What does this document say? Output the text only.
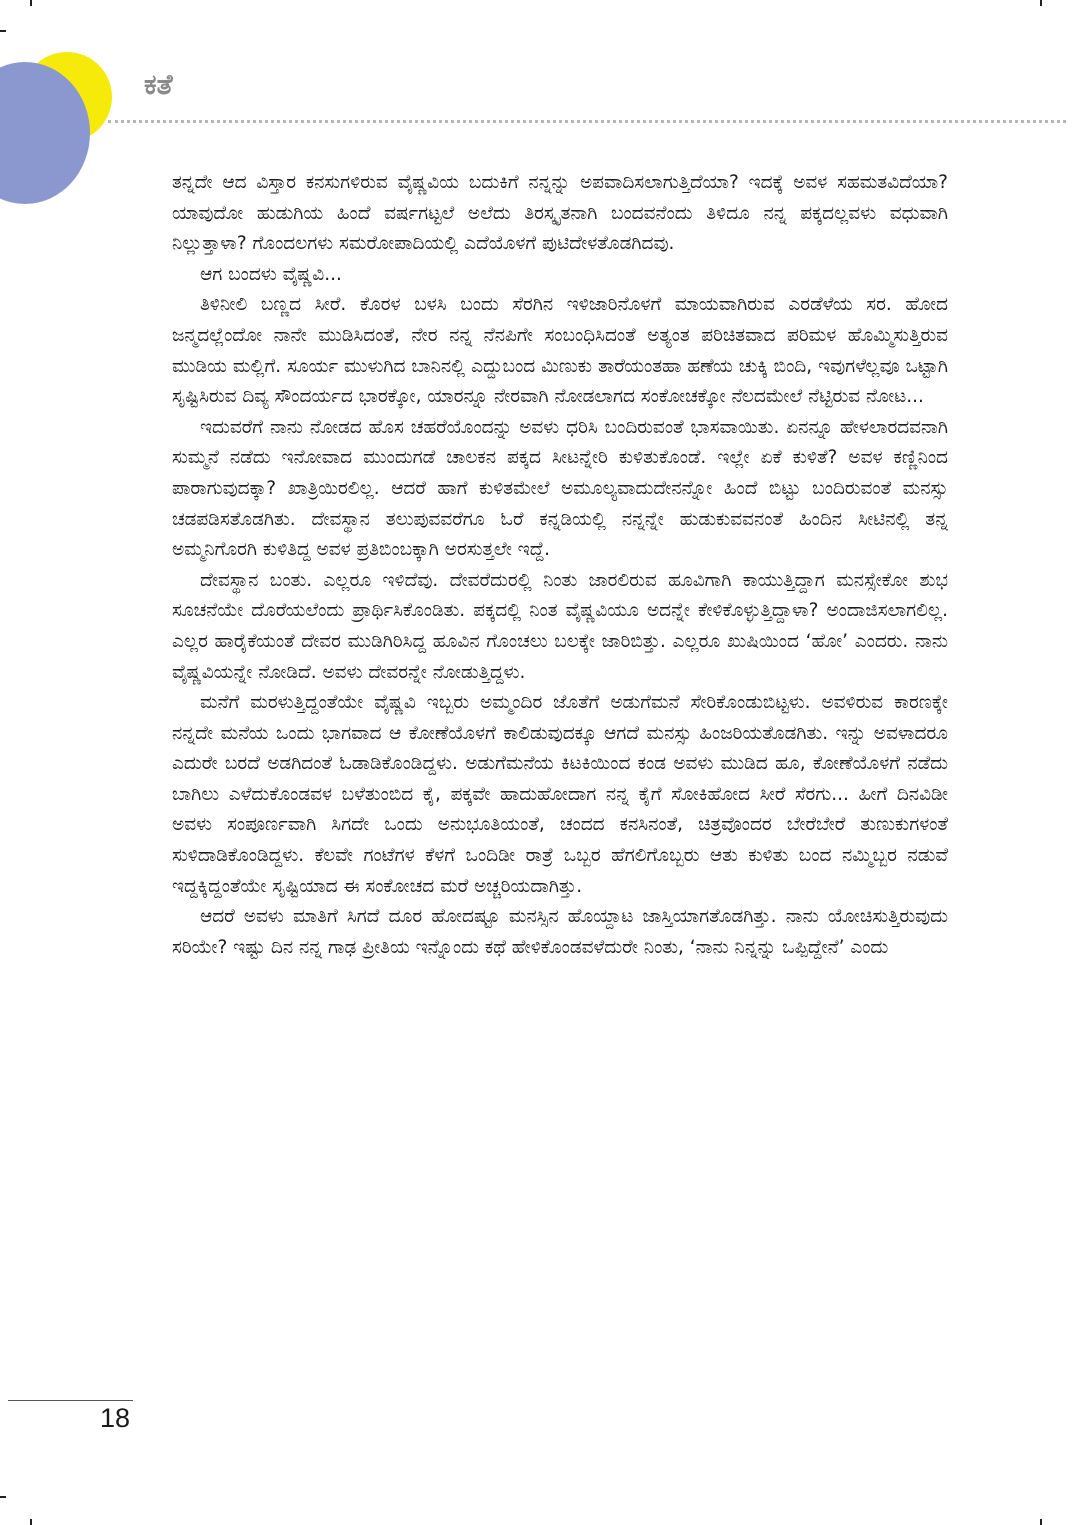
ಕತೆ

ತನ್ನದೇ ಆದ ವಿಸ್ತಾರ ಕನಸುಗಳಿರುವ ವೈಷ್ಣವಿಯ ಬದುಕಿಗೆ ನನ್ನನ್ನು ಅಪವಾದಿಸಲಾಗುತ್ತಿದೆಯಾ? ಇದಕ್ಕೆ ಅವಳ ಸಹಮತವಿದೆಯಾ? ಯಾವುದೋ ಹುಡುಗಿಯ ಹಿಂದೆ ವರ್ಷಗಟ್ಟಲೆ ಅಲೆದು ತಿರಸ್ಕೃತನಾಗಿ ಬಂದವನೆಂದು ತಿಳಿದೂ ನನ್ನ ಪಕ್ಕದಲ್ಲವಳು ವಧುವಾಗಿ ನಿಲ್ಲುತ್ತಾಳಾ? ಗೊಂದಲಗಳು ಸಮರೋಪಾದಿಯಲ್ಲಿ ಎದೆಯೊಳಗೆ ಪುಟಿದೇಳತೊಡಗಿದವು.

ಆಗ ಬಂದಳು ವೈಷ್ಣವಿ...

ತಿಳಿನೀಲಿ ಬಣ್ಣದ ಸೀರೆ. ಕೊರಳ ಬಳಸಿ ಬಂದು ಸೆರಗಿನ ಇಳಿಜಾರಿನೊಳಗೆ ಮಾಯವಾಗಿರುವ ಎರಡೆಳೆಯ ಸರ. ಹೋದ ಜನ್ಮದಲ್ಲೆಂದೋ ನಾನೇ ಮುಡಿಸಿದಂತೆ, ನೇರ ನನ್ನ ನೆನಪಿಗೇ ಸಂಬಂಧಿಸಿದಂತೆ ಅತ್ಯಂತ ಪರಿಚಿತವಾದ ಪರಿಮಳ ಹೊಮ್ಮಿಸುತ್ತಿರುವ ಮುಡಿಯ ಮಲ್ಲಿಗೆ. ಸೂರ್ಯ ಮುಳುಗಿದ ಬಾನಿನಲ್ಲಿ ಎದ್ದುಬಂದ ಮಿಣುಕು ತಾರೆಯಂತಹಾ ಹಣೆಯ ಚುಕ್ಕಿ ಬಿಂದಿ, ಇವುಗಳೆಲ್ಲವೂ ಒಟ್ಟಾಗಿ ಸೃಷ್ಟಿಸಿರುವ ದಿವ್ಯ ಸೌಂದರ್ಯದ ಭಾರಕ್ಕೋ, ಯಾರನ್ನೂ ನೇರವಾಗಿ ನೋಡಲಾಗದ ಸಂಕೋಚಕ್ಕೋ ನೆಲದಮೇಲೆ ನೆಟ್ಟಿರುವ ನೋಟ...

ಇದುವರೆಗೆ ನಾನು ನೋಡದ ಹೊಸ ಚಹರೆಯೊಂದನ್ನು ಅವಳು ಧರಿಸಿ ಬಂದಿರುವಂತೆ ಭಾಸವಾಯಿತು. ಏನನ್ನೂ ಹೇಳಲಾರದವನಾಗಿ ಸುಮ್ಮನೆ ನಡೆದು ಇನೋವಾದ ಮುಂದುಗಡೆ ಚಾಲಕನ ಪಕ್ಕದ ಸೀಟನ್ನೇರಿ ಕುಳಿತುಕೊಂಡೆ. ಇಲ್ಲೇ ಏಕೆ ಕುಳಿತೆ? ಅವಳ ಕಣ್ಣಿನಿಂದ ಪಾರಾಗುವುದಕ್ಕಾ? ಖಾತ್ರಿಯಿರಲಿಲ್ಲ. ಆದರೆ ಹಾಗೆ ಕುಳಿತಮೇಲೆ ಅಮೂಲ್ಯವಾದುದೇನನ್ನೋ ಹಿಂದೆ ಬಿಟ್ಟು ಬಂದಿರುವಂತೆ ಮನಸ್ಸು ಚಡಪಡಿಸತೊಡಗಿತು. ದೇವಸ್ಥಾನ ತಲುಪುವವರೆಗೂ ಓರೆ ಕನ್ನಡಿಯಲ್ಲಿ ನನ್ನನ್ನೇ ಹುಡುಕುವವನಂತೆ ಹಿಂದಿನ ಸೀಟಿನಲ್ಲಿ ತನ್ನ ಅಮ್ಮನಿಗೊರಗಿ ಕುಳಿತಿದ್ದ ಅವಳ ಪ್ರತಿಬಿಂಬಕ್ಕಾಗಿ ಅರಸುತ್ತಲೇ ಇದ್ದೆ.

ದೇವಸ್ಥಾನ ಬಂತು. ಎಲ್ಲರೂ ಇಳಿದೆವು. ದೇವರೆದುರಲ್ಲಿ ನಿಂತು ಜಾರಲಿರುವ ಹೂವಿಗಾಗಿ ಕಾಯುತ್ತಿದ್ದಾಗ ಮನಸ್ಸೇಕೋ ಶುಭ ಸೂಚನೆಯೇ ದೊರೆಯಲೆಂದು ಪ್ರಾರ್ಥಿಸಿಕೊಂಡಿತು. ಪಕ್ಕದಲ್ಲಿ ನಿಂತ ವೈಷ್ಣವಿಯೂ ಅದನ್ನೇ ಕೇಳಿಕೊಳ್ಳುತ್ತಿದ್ದಾಳಾ? ಅಂದಾಜಿಸಲಾಗಲಿಲ್ಲ. ಎಲ್ಲರ ಹಾರೈಕೆಯಂತೆ ದೇವರ ಮುಡಿಗಿರಿಸಿದ್ದ ಹೂವಿನ ಗೊಂಚಲು ಬಲಕ್ಕೇ ಜಾರಿಬಿತ್ತು. ಎಲ್ಲರೂ ಖುಷಿಯಿಂದ ‘ಹೋ’ ಎಂದರು. ನಾನು ವೈಷ್ಣವಿಯನ್ನೇ ನೋಡಿದೆ. ಅವಳು ದೇವರನ್ನೇ ನೋಡುತ್ತಿದ್ದಳು.

ಮನೆಗೆ ಮರಳುತ್ತಿದ್ದಂತೆಯೇ ವೈಷ್ಣವಿ ಇಬ್ಬರು ಅಮ್ಮಂದಿರ ಜೊತೆಗೆ ಅಡುಗೆಮನೆ ಸೇರಿಕೊಂಡುಬಿಟ್ಟಳು. ಅವಳಿರುವ ಕಾರಣಕ್ಕೇ ನನ್ನದೇ ಮನೆಯ ಒಂದು ಭಾಗವಾದ ಆ ಕೋಣೆಯೊಳಗೆ ಕಾಲಿಡುವುದಕ್ಕೂ ಆಗದೆ ಮನಸ್ಸು ಹಿಂಜರಿಯತೊಡಗಿತು. ಇನ್ನು ಅವಳಾದರೂ ಎದುರೇ ಬರದೆ ಅಡಗಿದಂತೆ ಓಡಾಡಿಕೊಂಡಿದ್ದಳು. ಅಡುಗೆಮನೆಯ ಕಿಟಕಿಯಿಂದ ಕಂಡ ಅವಳು ಮುಡಿದ ಹೂ, ಕೋಣೆಯೊಳಗೆ ನಡೆದು ಬಾಗಿಲು ಎಳೆದುಕೊಂಡವಳ ಬಳೆತುಂಬಿದ ಕೈ, ಪಕ್ಕವೇ ಹಾದುಹೋದಾಗ ನನ್ನ ಕೈಗೆ ಸೋಕಿಹೋದ ಸೀರೆ ಸೆರಗು... ಹೀಗೆ ದಿನವಿಡೀ ಅವಳು ಸಂಪೂರ್ಣವಾಗಿ ಸಿಗದೇ ಒಂದು ಅನುಭೂತಿಯಂತೆ, ಚಂದದ ಕನಸಿನಂತೆ, ಚಿತ್ರವೊಂದರ ಬೇರೆಬೇರೆ ತುಣುಕುಗಳಂತೆ ಸುಳಿದಾಡಿಕೊಂಡಿದ್ದಳು. ಕೆಲವೇ ಗಂಟೆಗಳ ಕೆಳಗೆ ಒಂದಿಡೀ ರಾತ್ರೆ ಒಬ್ಬರ ಹೆಗಲಿಗೊಬ್ಬರು ಆತು ಕುಳಿತು ಬಂದ ನಮ್ಮಿಬ್ಬರ ನಡುವೆ ಇದ್ದಕ್ಕಿದ್ದಂತೆಯೇ ಸೃಷ್ಟಿಯಾದ ಈ ಸಂಕೋಚದ ಮರೆ ಅಚ್ಚರಿಯದಾಗಿತ್ತು.

ಆದರೆ ಅವಳು ಮಾತಿಗೆ ಸಿಗದೆ ದೂರ ಹೋದಷ್ಟೂ ಮನಸ್ಸಿನ ಹೊಯ್ದಾಟ ಜಾಸ್ತಿಯಾಗತೊಡಗಿತ್ತು. ನಾನು ಯೋಚಿಸುತ್ತಿರುವುದು ಸರಿಯೇ? ಇಷ್ಟು ದಿನ ನನ್ನ ಗಾಢ ಪ್ರೀತಿಯ ಇನ್ನೊಂದು ಕಥೆ ಹೇಳಿಕೊಂಡವಳೆದುರೇ ನಿಂತು, ‘ನಾನು ನಿನ್ನನ್ನು ಒಪ್ಪಿದ್ದೇನೆ’ ಎಂದು

18
